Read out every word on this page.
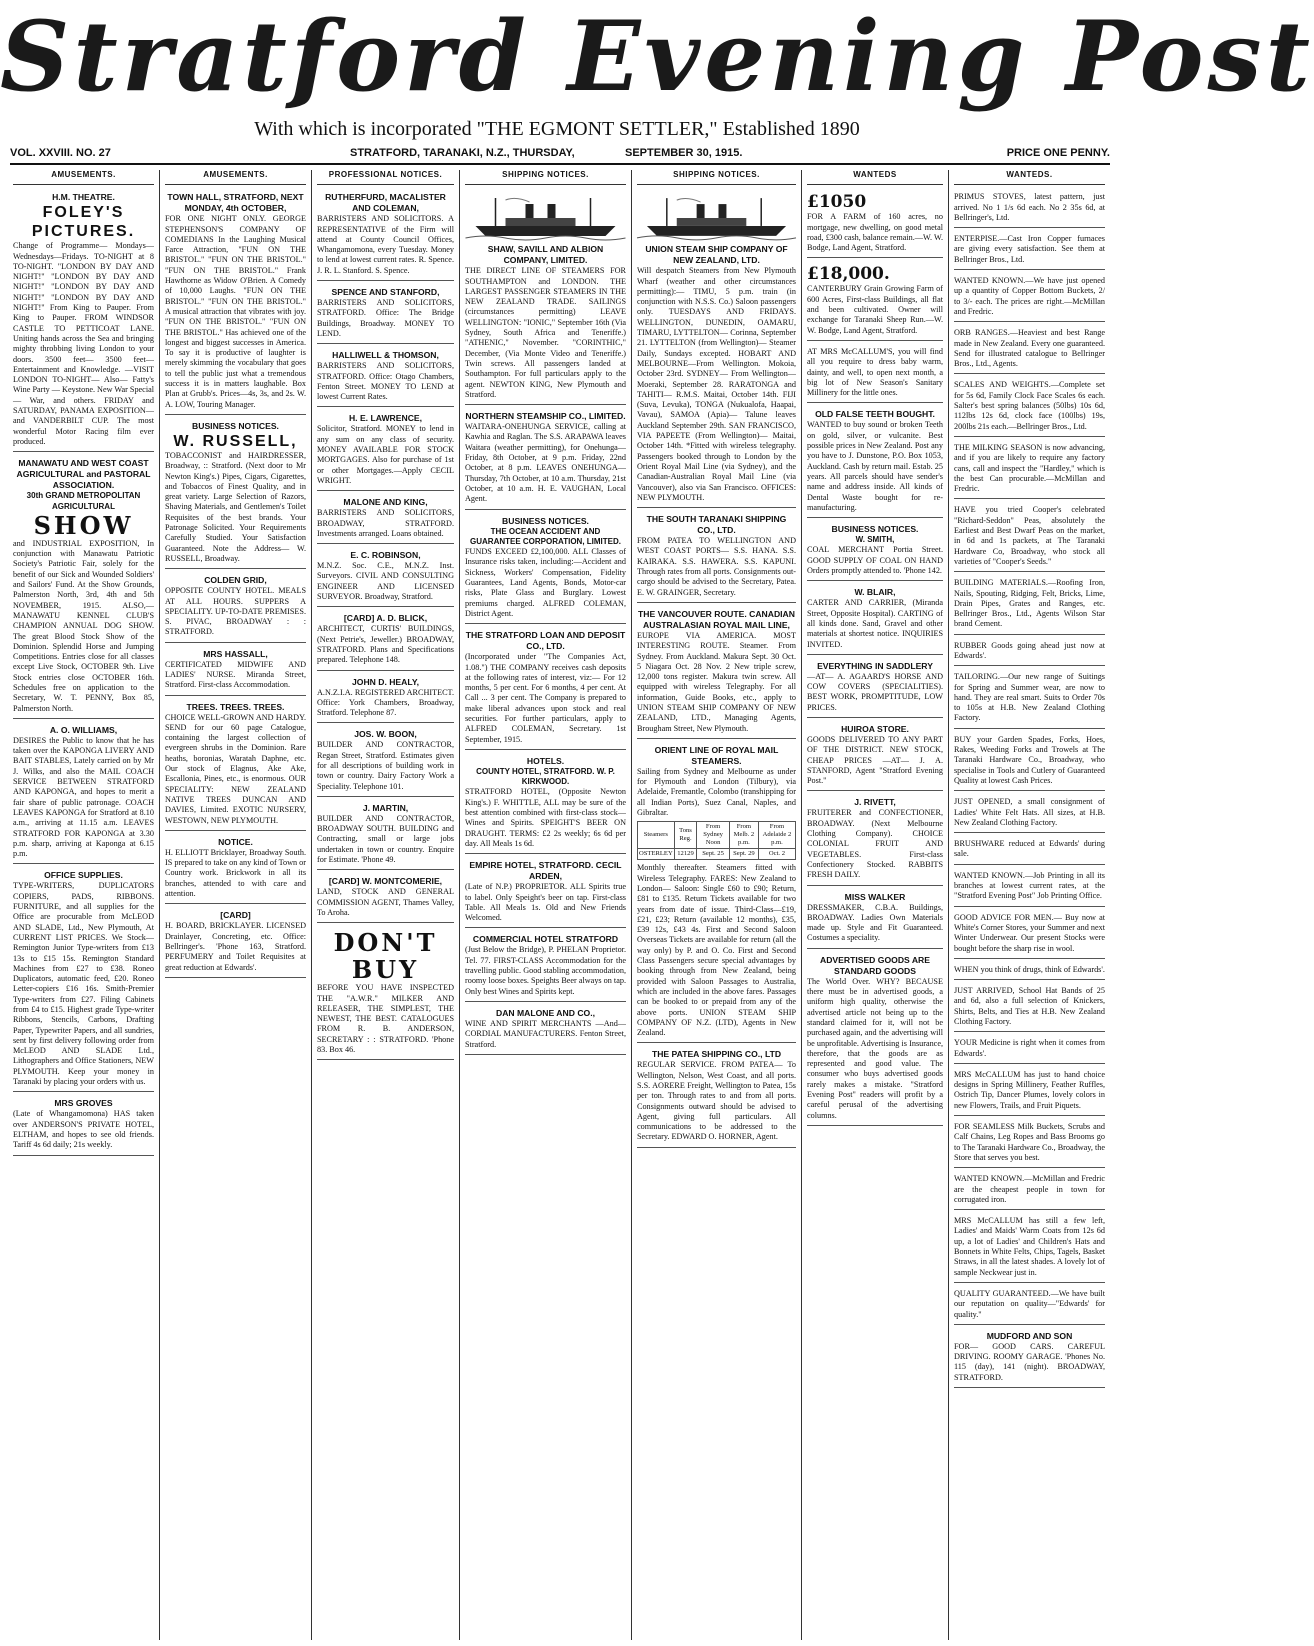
Stratford Evening Post
With which is incorporated "THE EGMONT SETTLER," Established 1890
VOL. XXVIII. NO. 27	STRATFORD, TARANAKI, N.Z., THURSDAY,	SEPTEMBER 30, 1915.	PRICE ONE PENNY.
AMUSEMENTS.
H.M. THEATRE.
FOLEY'S PICTURES.
Change of Programme— Mondays—Wednesdays—Fridays. TO-NIGHT at 8 TO-NIGHT. "LONDON BY DAY AND NIGHT!" "LONDON BY DAY AND NIGHT!" "LONDON BY DAY AND NIGHT!" "LONDON BY DAY AND NIGHT!" From King to Pauper. From King to Pauper. FROM WINDSOR CASTLE TO PETTICOAT LANE. Uniting hands across the Sea and bringing mighty throbbing living London to your doors. 3500 feet— 3500 feet— Entertainment and Knowledge. —VISIT LONDON TO-NIGHT— Also— Fatty's Wine Party — Keystone. New War Special — War, and others. FRIDAY and SATURDAY, PANAMA EXPOSITION— and VANDERBILT CUP. The most wonderful Motor Racing film ever produced.
MANAWATU AND WEST COAST AGRICULTURAL and PASTORAL ASSOCIATION.
30th GRAND METROPOLITAN AGRICULTURAL
SHOW
and INDUSTRIAL EXPOSITION, In conjunction with Manawatu Patriotic Society's Patriotic Fair, solely for the benefit of our Sick and Wounded Soldiers' and Sailors' Fund. At the Show Grounds, Palmerston North, 3rd, 4th and 5th NOVEMBER, 1915. ALSO,— MANAWATU KENNEL CLUB'S CHAMPION ANNUAL DOG SHOW. The great Blood Stock Show of the Dominion. Splendid Horse and Jumping Competitions. Entries close for all classes except Live Stock, OCTOBER 9th. Live Stock entries close OCTOBER 16th. Schedules free on application to the Secretary, W. T. PENNY, Box 85, Palmerston North.
A. O. WILLIAMS,
DESIRES the Public to know that he has taken over the KAPONGA LIVERY AND BAIT STABLES, Lately carried on by Mr J. Wilks, and also the MAIL COACH SERVICE BETWEEN STRATFORD AND KAPONGA, and hopes to merit a fair share of public patronage. COACH LEAVES KAPONGA for Stratford at 8.10 a.m., arriving at 11.15 a.m. LEAVES STRATFORD FOR KAPONGA at 3.30 p.m. sharp, arriving at Kaponga at 6.15 p.m.
OFFICE SUPPLIES.
TYPE-WRITERS, DUPLICATORS COPIERS, PADS, RIBBONS. FURNITURE, and all supplies for the Office are procurable from McLEOD AND SLADE, Ltd., New Plymouth, At CURRENT LIST PRICES. We Stock— Remington Junior Type-writers from £13 13s to £15 15s. Remington Standard Machines from £27 to £38. Roneo Duplicators, automatic feed, £20. Roneo Letter-copiers £16 16s. Smith-Premier Type-writers from £27. Filing Cabinets from £4 to £15. Highest grade Type-writer Ribbons, Stencils, Carbons, Drafting Paper, Typewriter Papers, and all sundries, sent by first delivery following order from McLEOD AND SLADE Ltd., Lithographers and Office Stationers, NEW PLYMOUTH. Keep your money in Taranaki by placing your orders with us.
MRS GROVES
(Late of Whangamomona) HAS taken over ANDERSON'S PRIVATE HOTEL, ELTHAM, and hopes to see old friends. Tariff 4s 6d daily; 21s weekly.
AMUSEMENTS.
TOWN HALL, STRATFORD, NEXT MONDAY, 4th OCTOBER,
FOR ONE NIGHT ONLY. GEORGE STEPHENSON'S COMPANY OF COMEDIANS In the Laughing Musical Farce Attraction, "FUN ON THE BRISTOL." "FUN ON THE BRISTOL." "FUN ON THE BRISTOL." Frank Hawthorne as Widow O'Brien. A Comedy of 10,000 Laughs. "FUN ON THE BRISTOL." "FUN ON THE BRISTOL." A musical attraction that vibrates with joy. "FUN ON THE BRISTOL." "FUN ON THE BRISTOL." Has achieved one of the longest and biggest successes in America. To say it is productive of laughter is merely skimming the vocabulary that goes to tell the public just what a tremendous success it is in matters laughable. Box Plan at Grubb's. Prices—4s, 3s, and 2s. W. A. LOW, Touring Manager.
BUSINESS NOTICES.
W. RUSSELL,
TOBACCONIST and HAIRDRESSER, Broadway, :: Stratford. (Next door to Mr Newton King's.) Pipes, Cigars, Cigarettes, and Tobaccos of Finest Quality, and in great variety. Large Selection of Razors, Shaving Materials, and Gentlemen's Toilet Requisites of the best brands. Your Patronage Solicited. Your Requirements Carefully Studied. Your Satisfaction Guaranteed. Note the Address— W. RUSSELL, Broadway.
COLDEN GRID,
OPPOSITE COUNTY HOTEL. MEALS AT ALL HOURS. SUPPERS A SPECIALITY. UP-TO-DATE PREMISES. S. PIVAC, BROADWAY : : STRATFORD.
MRS HASSALL,
CERTIFICATED MIDWIFE AND LADIES' NURSE. Miranda Street, Stratford. First-class Accommodation.
TREES. TREES. TREES.
CHOICE WELL-GROWN AND HARDY. SEND for our 60 page Catalogue, containing the largest collection of evergreen shrubs in the Dominion. Rare heaths, boronias, Waratah Daphne, etc. Our stock of Elagnus, Ake Ake, Escallonia, Pines, etc., is enormous. OUR SPECIALITY: NEW ZEALAND NATIVE TREES DUNCAN AND DAVIES, Limited. EXOTIC NURSERY, WESTOWN, NEW PLYMOUTH.
NOTICE.
H. ELLIOTT Bricklayer, Broadway South. IS prepared to take on any kind of Town or Country work. Brickwork in all its branches, attended to with care and attention.
[CARD]
H. BOARD, BRICKLAYER. LICENSED Drainlayer, Concreting, etc. Office: Bellringer's. 'Phone 163, Stratford. PERFUMERY and Toilet Requisites at great reduction at Edwards'.
PROFESSIONAL NOTICES.
RUTHERFURD, MACALISTER AND COLEMAN,
BARRISTERS AND SOLICITORS. A REPRESENTATIVE of the Firm will attend at County Council Offices, Whangamomona, every Tuesday. Money to lend at lowest current rates. R. Spence. J. R. L. Stanford. S. Spence.
SPENCE AND STANFORD,
BARRISTERS AND SOLICITORS, STRATFORD. Office: The Bridge Buildings, Broadway. MONEY TO LEND.
HALLIWELL & THOMSON,
BARRISTERS AND SOLICITORS, STRATFORD. Office: Otago Chambers, Fenton Street. MONEY TO LEND at lowest Current Rates.
H. E. LAWRENCE,
Solicitor, Stratford. MONEY to lend in any sum on any class of security. MONEY AVAILABLE FOR STOCK MORTGAGES. Also for purchase of 1st or other Mortgages.—Apply CECIL WRIGHT.
MALONE AND KING,
BARRISTERS AND SOLICITORS, BROADWAY, STRATFORD. Investments arranged. Loans obtained.
E. C. ROBINSON,
M.N.Z. Soc. C.E., M.N.Z. Inst. Surveyors. CIVIL AND CONSULTING ENGINEER AND LICENSED SURVEYOR. Broadway, Stratford.
[CARD] A. D. BLICK,
ARCHITECT, CURTIS' BUILDINGS, (Next Petrie's, Jeweller.) BROADWAY, STRATFORD. Plans and Specifications prepared. Telephone 148.
JOHN D. HEALY,
A.N.Z.I.A. REGISTERED ARCHITECT. Office: York Chambers, Broadway, Stratford. Telephone 87.
JOS. W. BOON,
BUILDER AND CONTRACTOR, Regan Street, Stratford. Estimates given for all descriptions of building work in town or country. Dairy Factory Work a Speciality. Telephone 101.
J. MARTIN,
BUILDER AND CONTRACTOR, BROADWAY SOUTH. BUILDING and Contracting, small or large jobs undertaken in town or country. Enquire for Estimate. 'Phone 49.
[CARD] W. MONTCOMERIE,
LAND, STOCK AND GENERAL COMMISSION AGENT, Thames Valley, To Aroha.
DON'T BUY
BEFORE YOU HAVE INSPECTED THE "A.W.R." MILKER AND RELEASER, THE SIMPLEST, THE NEWEST, THE BEST. CATALOGUES FROM R. B. ANDERSON, SECRETARY : : STRATFORD. 'Phone 83. Box 46.
SHIPPING NOTICES.
SHAW, SAVILL AND ALBION COMPANY, LIMITED.
THE DIRECT LINE OF STEAMERS FOR SOUTHAMPTON and LONDON. THE LARGEST PASSENGER STEAMERS IN THE NEW ZEALAND TRADE. SAILINGS (circumstances permitting) LEAVE WELLINGTON: "IONIC," September 16th (Via Sydney, South Africa and Teneriffe.) "ATHENIC," November. "CORINTHIC," December, (Via Monte Video and Teneriffe.) Twin screws. All passengers landed at Southampton. For full particulars apply to the agent. NEWTON KING, New Plymouth and Stratford.
NORTHERN STEAMSHIP CO., LIMITED.
WAITARA-ONEHUNGA SERVICE, calling at Kawhia and Raglan. The S.S. ARAPAWA leaves Waitara (weather permitting), for Onehunga— Friday, 8th October, at 9 p.m. Friday, 22nd October, at 8 p.m. LEAVES ONEHUNGA— Thursday, 7th October, at 10 a.m. Thursday, 21st October, at 10 a.m. H. E. VAUGHAN, Local Agent.
BUSINESS NOTICES.
THE OCEAN ACCIDENT AND GUARANTEE CORPORATION, LIMITED.
FUNDS EXCEED £2,100,000. ALL Classes of Insurance risks taken, including:—Accident and Sickness, Workers' Compensation, Fidelity Guarantees, Land Agents, Bonds, Motor-car risks, Plate Glass and Burglary. Lowest premiums charged. ALFRED COLEMAN, District Agent.
THE STRATFORD LOAN AND DEPOSIT CO., LTD.
(Incorporated under "The Companies Act, 1.08.") THE COMPANY receives cash deposits at the following rates of interest, viz:— For 12 months, 5 per cent. For 6 months, 4 per cent. At Call ... 3 per cent. The Company is prepared to make liberal advances upon stock and real securities. For further particulars, apply to ALFRED COLEMAN, Secretary. 1st September, 1915.
HOTELS.
COUNTY HOTEL, STRATFORD. W. P. KIRKWOOD.
STRATFORD HOTEL, (Opposite Newton King's.) F. WHITTLE, ALL may be sure of the best attention combined with first-class stock—Wines and Spirits. SPEIGHT'S BEER ON DRAUGHT. TERMS: £2 2s weekly; 6s 6d per day. All Meals 1s 6d.
EMPIRE HOTEL, STRATFORD. CECIL ARDEN,
(Late of N.P.) PROPRIETOR. ALL Spirits true to label. Only Speight's beer on tap. First-class Table. All Meals 1s. Old and New Friends Welcomed.
COMMERCIAL HOTEL STRATFORD
(Just Below the Bridge), P. PHELAN Proprietor. Tel. 77. FIRST-CLASS Accommodation for the travelling public. Good stabling accommodation, roomy loose boxes. Speights Beer always on tap. Only best Wines and Spirits kept.
DAN MALONE AND CO.,
WINE AND SPIRIT MERCHANTS —And— CORDIAL MANUFACTURERS. Fenton Street, Stratford.
SHIPPING NOTICES.
UNION STEAM SHIP COMPANY OF NEW ZEALAND, LTD.
Will despatch Steamers from New Plymouth Wharf (weather and other circumstances permitting):— TIMU, 5 p.m. train (in conjunction with N.S.S. Co.) Saloon passengers only. TUESDAYS AND FRIDAYS. WELLINGTON, DUNEDIN, OAMARU, TIMARU, LYTTELTON— Corinna, September 21. LYTTELTON (from Wellington)— Steamer Daily, Sundays excepted. HOBART AND MELBOURNE—From Wellington. Mokoia, October 23rd. SYDNEY— From Wellington—Moeraki, September 28. RARATONGA and TAHITI— R.M.S. Maitai, October 14th. FIJI (Suva, Levuka), TONGA (Nukualofa, Haapai, Vavau), SAMOA (Apia)— Talune leaves Auckland September 29th. SAN FRANCISCO, VIA PAPEETE (From Wellington)— Maitai, October 14th. *Fitted with wireless telegraphy. Passengers booked through to London by the Orient Royal Mail Line (via Sydney), and the Canadian-Australian Royal Mail Line (via Vancouver), also via San Francisco. OFFICES: NEW PLYMOUTH.
THE SOUTH TARANAKI SHIPPING CO., LTD.
FROM PATEA TO WELLINGTON AND WEST COAST PORTS— S.S. HANA. S.S. KAIRAKA. S.S. HAWERA. S.S. KAPUNI. Through rates from all ports. Consignments out-cargo should be advised to the Secretary, Patea. E. W. GRAINGER, Secretary.
THE VANCOUVER ROUTE. CANADIAN AUSTRALASIAN ROYAL MAIL LINE,
EUROPE VIA AMERICA. MOST INTERESTING ROUTE. Steamer. From Sydney. From Auckland. Makura Sept. 30 Oct. 5 Niagara Oct. 28 Nov. 2 New triple screw, 12,000 tons register. Makura twin screw. All equipped with wireless Telegraphy. For all information, Guide Books, etc., apply to UNION STEAM SHIP COMPANY OF NEW ZEALAND, LTD., Managing Agents, Brougham Street, New Plymouth.
ORIENT LINE OF ROYAL MAIL STEAMERS.
Sailing from Sydney and Melbourne as under for Plymouth and London (Tilbury), via Adelaide, Fremantle, Colombo (transhipping for all Indian Ports), Suez Canal, Naples, and Gibraltar.
Steamers	Tons Reg.	From Sydney Noon	From Melb. 2 p.m.	From Adelaide 2 p.m.
OSTERLEY	12129	Sept. 25	Sept. 29	Oct. 2
Monthly thereafter. Steamers fitted with Wireless Telegraphy. FARES: New Zealand to London— Saloon: Single £60 to £90; Return, £81 to £135. Return Tickets available for two years from date of issue. Third-Class—£19, £21, £23; Return (available 12 months), £35, £39 12s, £43 4s. First and Second Saloon Overseas Tickets are available for return (all the way only) by P. and O. Co. First and Second Class Passengers secure special advantages by booking through from New Zealand, being provided with Saloon Passages to Australia, which are included in the above fares. Passages can be booked to or prepaid from any of the above ports. UNION STEAM SHIP COMPANY OF N.Z. (LTD), Agents in New Zealand.
THE PATEA SHIPPING CO., LTD
REGULAR SERVICE. FROM PATEA— To Wellington, Nelson, West Coast, and all ports. S.S. AORERE Freight, Wellington to Patea, 15s per ton. Through rates to and from all ports. Consignments outward should be advised to Agent, giving full particulars. All communications to be addressed to the Secretary. EDWARD O. HORNER, Agent.
WANTEDS
£1050
FOR A FARM of 160 acres, no mortgage, new dwelling, on good metal road, £300 cash, balance remain.—W. W. Bodge, Land Agent, Stratford.
£18,000.
CANTERBURY Grain Growing Farm of 600 Acres, First-class Buildings, all flat and been cultivated. Owner will exchange for Taranaki Sheep Run.—W. W. Bodge, Land Agent, Stratford.
AT MRS McCALLUM'S, you will find all you require to dress baby warm, dainty, and well, to open next month, a big lot of New Season's Sanitary Millinery for the little ones.
OLD FALSE TEETH BOUGHT.
WANTED to buy sound or broken Teeth on gold, silver, or vulcanite. Best possible prices in New Zealand. Post any you have to J. Dunstone, P.O. Box 1053, Auckland. Cash by return mail. Estab. 25 years. All parcels should have sender's name and address inside. All kinds of Dental Waste bought for re-manufacturing.
BUSINESS NOTICES.
W. SMITH,
COAL MERCHANT Portia Street. GOOD SUPPLY OF COAL ON HAND Orders promptly attended to. 'Phone 142.
W. BLAIR,
CARTER AND CARRIER, (Miranda Street, Opposite Hospital). CARTING of all kinds done. Sand, Gravel and other materials at shortest notice. INQUIRIES INVITED.
EVERYTHING IN SADDLERY
—AT— A. AGAARD'S HORSE AND COW COVERS (SPECIALITIES). BEST WORK, PROMPTITUDE, LOW PRICES.
HUIROA STORE.
GOODS DELIVERED TO ANY PART OF THE DISTRICT. NEW STOCK, CHEAP PRICES —AT— J. A. STANFORD, Agent "Stratford Evening Post."
J. RIVETT,
FRUITERER and CONFECTIONER, BROADWAY. (Next Melbourne Clothing Company). CHOICE COLONIAL FRUIT AND VEGETABLES. First-class Confectionery Stocked. RABBITS FRESH DAILY.
MISS WALKER
DRESSMAKER, C.B.A. Buildings, BROADWAY. Ladies Own Materials made up. Style and Fit Guaranteed. Costumes a speciality.
ADVERTISED GOODS ARE STANDARD GOODS
The World Over. WHY? BECAUSE there must be in advertised goods, a uniform high quality, otherwise the advertised article not being up to the standard claimed for it, will not be purchased again, and the advertising will be unprofitable. Advertising is Insurance, therefore, that the goods are as represented and good value. The consumer who buys advertised goods rarely makes a mistake. "Stratford Evening Post" readers will profit by a careful perusal of the advertising columns.
WANTEDS.
PRIMUS STOVES, latest pattern, just arrived. No 1 1/s 6d each. No 2 35s 6d, at Bellringer's, Ltd.
ENTERPISE.—Cast Iron Copper furnaces are giving every satisfaction. See them at Bellringer Bros., Ltd.
WANTED KNOWN.—We have just opened up a quantity of Copper Bottom Buckets, 2/ to 3/- each. The prices are right.—McMillan and Fredric.
ORB RANGES.—Heaviest and best Range made in New Zealand. Every one guaranteed. Send for illustrated catalogue to Bellringer Bros., Ltd., Agents.
SCALES AND WEIGHTS.—Complete set for 5s 6d, Family Clock Face Scales 6s each. Salter's best spring balances (50lbs) 10s 6d, 112lbs 12s 6d, clock face (100lbs) 19s, 200lbs 21s each.—Bellringer Bros., Ltd.
THE MILKING SEASON is now advancing, and if you are likely to require any factory cans, call and inspect the "Hardley," which is the best Can procurable.—McMillan and Fredric.
HAVE you tried Cooper's celebrated "Richard-Seddon" Peas, absolutely the Earliest and Best Dwarf Peas on the market, in 6d and 1s packets, at The Taranaki Hardware Co, Broadway, who stock all varieties of "Cooper's Seeds."
BUILDING MATERIALS.—Roofing Iron, Nails, Spouting, Ridging, Felt, Bricks, Lime, Drain Pipes, Grates and Ranges, etc. Bellringer Bros., Ltd., Agents Wilson Star brand Cement.
RUBBER Goods going ahead just now at Edwards'.
TAILORING.—Our new range of Suitings for Spring and Summer wear, are now to hand. They are real smart. Suits to Order 70s to 105s at H.B. New Zealand Clothing Factory.
BUY your Garden Spades, Forks, Hoes, Rakes, Weeding Forks and Trowels at The Taranaki Hardware Co., Broadway, who specialise in Tools and Cutlery of Guaranteed Quality at lowest Cash Prices.
JUST OPENED, a small consignment of Ladies' White Felt Hats. All sizes, at H.B. New Zealand Clothing Factory.
BRUSHWARE reduced at Edwards' during sale.
WANTED KNOWN.—Job Printing in all its branches at lowest current rates, at the "Stratford Evening Post" Job Printing Office.
GOOD ADVICE FOR MEN.— Buy now at White's Corner Stores, your Summer and next Winter Underwear. Our present Stocks were bought before the sharp rise in wool.
WHEN you think of drugs, think of Edwards'.
JUST ARRIVED, School Hat Bands of 25 and 6d, also a full selection of Knickers, Shirts, Belts, and Ties at H.B. New Zealand Clothing Factory.
YOUR Medicine is right when it comes from Edwards'.
MRS McCALLUM has just to hand choice designs in Spring Millinery, Feather Ruffles, Ostrich Tip, Dancer Plumes, lovely colors in new Flowers, Trails, and Fruit Piquets.
FOR SEAMLESS Milk Buckets, Scrubs and Calf Chains, Leg Ropes and Bass Brooms go to The Taranaki Hardware Co., Broadway, the Store that serves you best.
WANTED KNOWN.—McMillan and Fredric are the cheapest people in town for corrugated iron.
MRS McCALLUM has still a few left, Ladies' and Maids' Warm Coats from 12s 6d up, a lot of Ladies' and Children's Hats and Bonnets in White Felts, Chips, Tagels, Basket Straws, in all the latest shades. A lovely lot of sample Neckwear just in.
QUALITY GUARANTEED.—We have built our reputation on quality—"Edwards' for quality."
MUDFORD AND SON
FOR— GOOD CARS. CAREFUL DRIVING. ROOMY GARAGE. 'Phones No. 115 (day), 141 (night). BROADWAY, STRATFORD.
